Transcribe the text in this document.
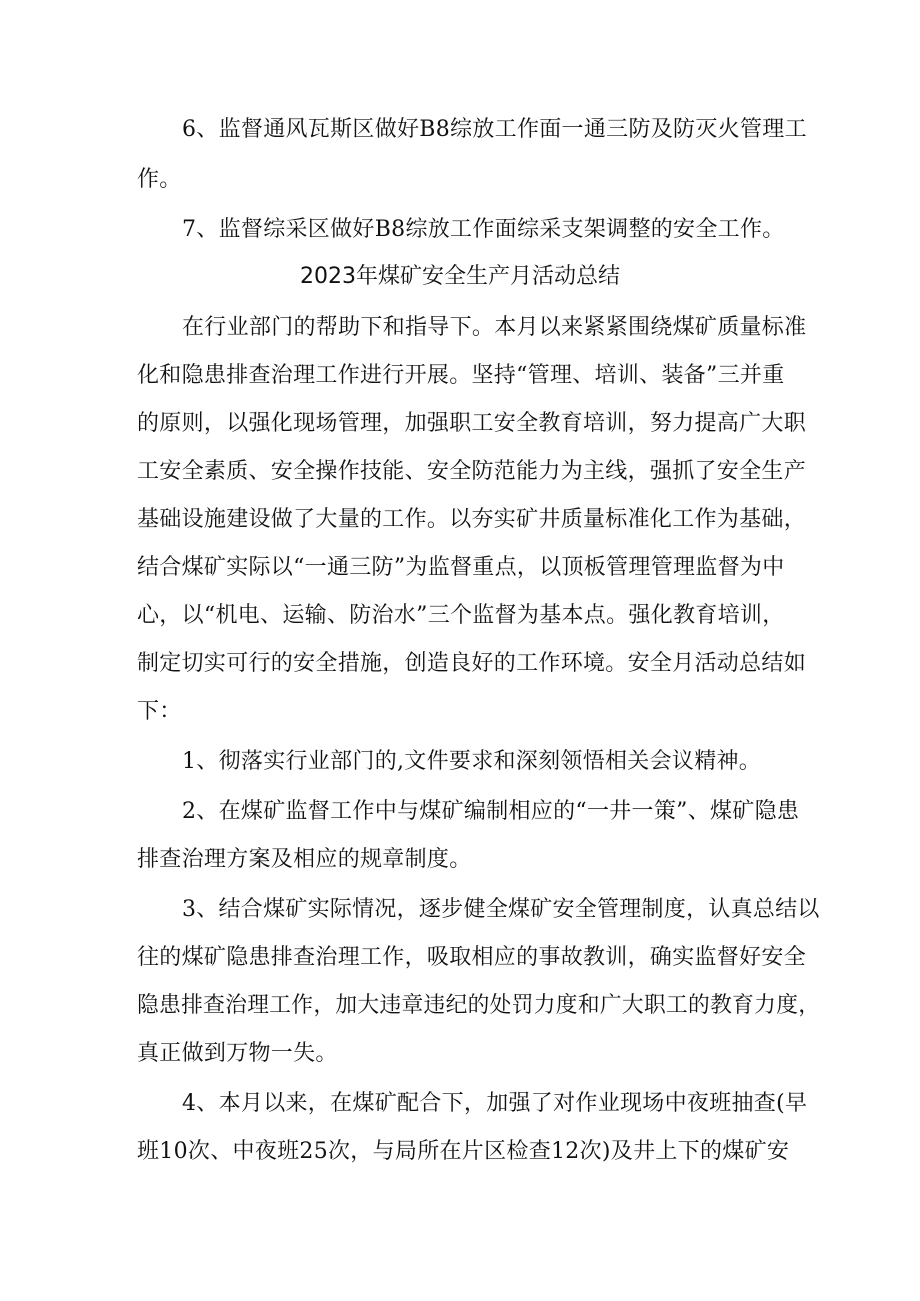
6、监督通风瓦斯区做好B8综放工作面一通三防及防灭火管理工
作。
7、监督综采区做好B8综放工作面综采支架调整的安全工作。
2023年煤矿安全生产月活动总结
在行业部门的帮助下和指导下。本月以来紧紧围绕煤矿质量标准
化和隐患排查治理工作进行开展。坚持“管理、培训、装备”三并重
的原则，以强化现场管理，加强职工安全教育培训，努力提高广大职
工安全素质、安全操作技能、安全防范能力为主线，强抓了安全生产
基础设施建设做了大量的工作。以夯实矿井质量标准化工作为基础，
结合煤矿实际以“一通三防”为监督重点，以顶板管理管理监督为中
心，以“机电、运输、防治水”三个监督为基本点。强化教育培训，
制定切实可行的安全措施，创造良好的工作环境。安全月活动总结如
下：
1、彻落实行业部门的,文件要求和深刻领悟相关会议精神。
2、在煤矿监督工作中与煤矿编制相应的“一井一策”、煤矿隐患
排查治理方案及相应的规章制度。
3、结合煤矿实际情况，逐步健全煤矿安全管理制度，认真总结以
往的煤矿隐患排查治理工作，吸取相应的事故教训，确实监督好安全
隐患排查治理工作，加大违章违纪的处罚力度和广大职工的教育力度，
真正做到万物一失。
4、本月以来，在煤矿配合下，加强了对作业现场中夜班抽查(早
班10次、中夜班25次，与局所在片区检查12次)及井上下的煤矿安
